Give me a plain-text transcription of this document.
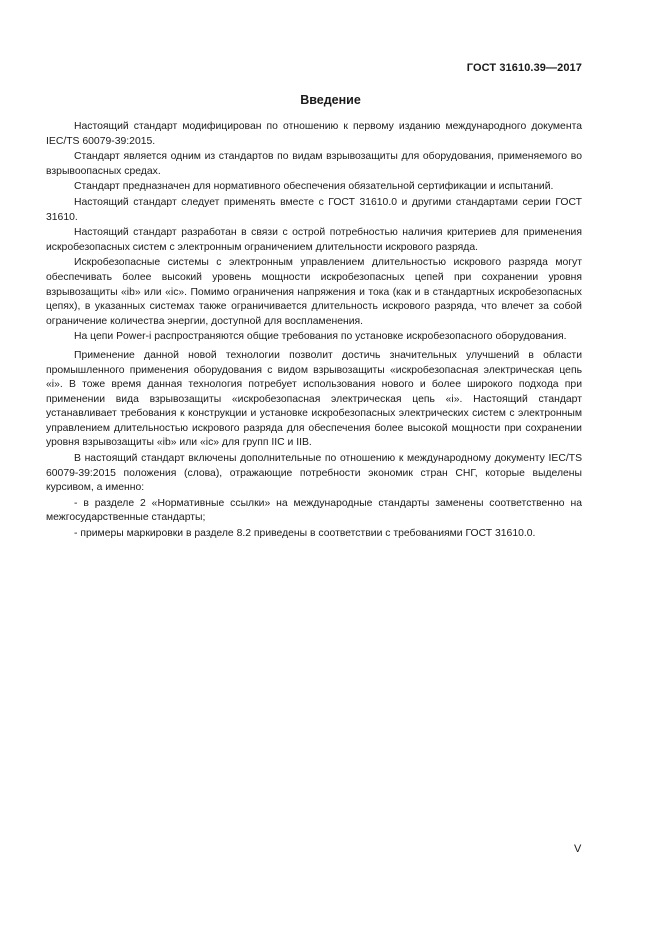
ГОСТ 31610.39—2017
Введение

Настоящий стандарт модифицирован по отношению к первому изданию международного документа IEC/TS 60079-39:2015.

Стандарт является одним из стандартов по видам взрывозащиты для оборудования, применяемого во взрывоопасных средах.

Стандарт предназначен для нормативного обеспечения обязательной сертификации и испытаний.

Настоящий стандарт следует применять вместе с ГОСТ 31610.0 и другими стандартами серии ГОСТ 31610.

Настоящий стандарт разработан в связи с острой потребностью наличия критериев для применения искробезопасных систем с электронным ограничением длительности искрового разряда.

Искробезопасные системы с электронным управлением длительностью искрового разряда могут обеспечивать более высокий уровень мощности искробезопасных цепей при сохранении уровня взрывозащиты «ib» или «ic». Помимо ограничения напряжения и тока (как и в стандартных искробезопасных цепях), в указанных системах также ограничивается длительность искрового разряда, что влечет за собой ограничение количества энергии, доступной для воспламенения.

На цепи Power-i распространяются общие требования по установке искробезопасного оборудования.

Применение данной новой технологии позволит достичь значительных улучшений в области промышленного применения оборудования с видом взрывозащиты «искробезопасная электрическая цепь «i». В тоже время данная технология потребует использования нового и более широкого подхода при применении вида взрывозащиты «искробезопасная электрическая цепь «i». Настоящий стандарт устанавливает требования к конструкции и установке искробезопасных электрических систем с электронным управлением длительностью искрового разряда для обеспечения более высокой мощности при сохранении уровня взрывозащиты «ib» или «ic» для групп IIC и IIB.

В настоящий стандарт включены дополнительные по отношению к международному документу IEC/TS 60079-39:2015 положения (слова), отражающие потребности экономик стран СНГ, которые выделены курсивом, а именно:

- в разделе 2 «Нормативные ссылки» на международные стандарты заменены соответственно на межгосударственные стандарты;

- примеры маркировки в разделе 8.2 приведены в соответствии с требованиями ГОСТ 31610.0.

V
